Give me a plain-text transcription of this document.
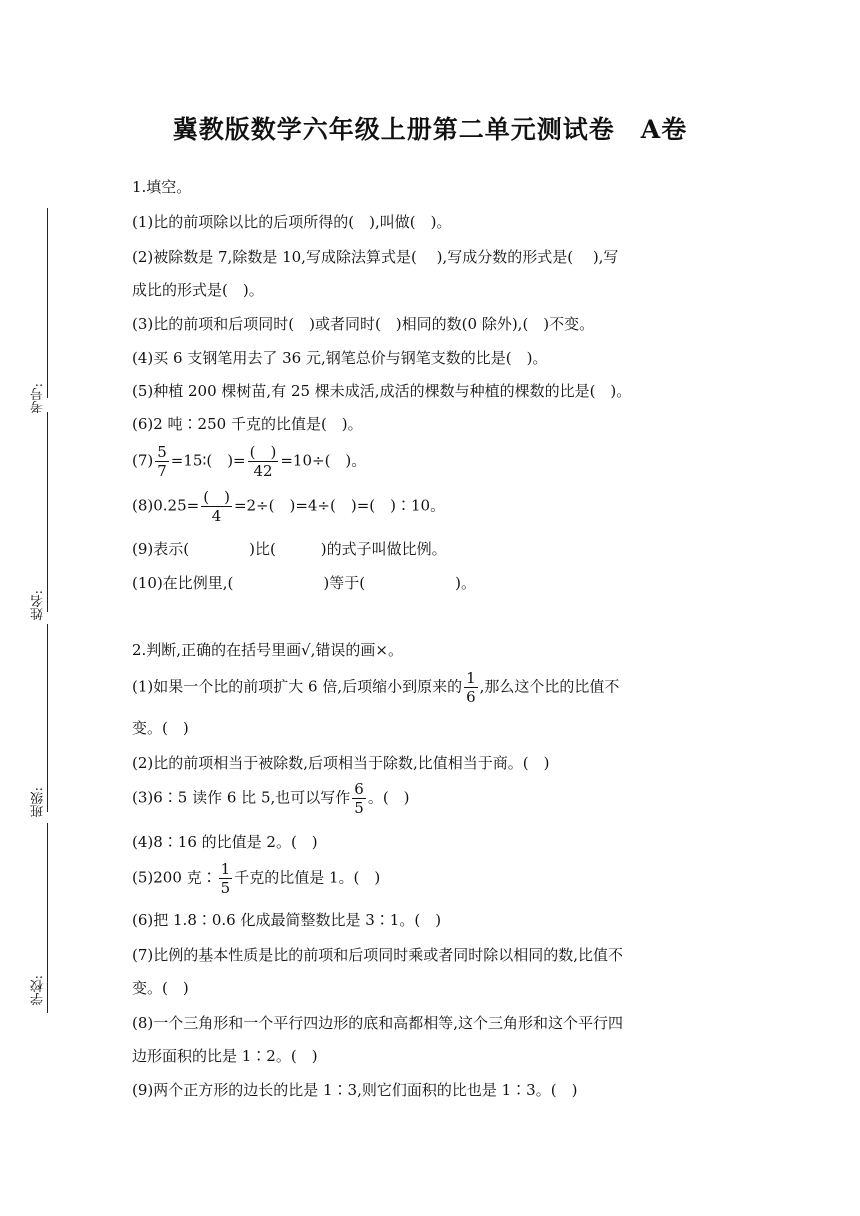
考号:
姓名:
班级:
学校:
冀教版数学六年级上册第二单元测试卷　A卷
1.填空。
(1)比的前项除以比的后项所得的(　),叫做(　)。
(2)被除数是 7,除数是 10,写成除法算式是(　 ),写成分数的形式是(　 ),写
成比的形式是(　)。
(3)比的前项和后项同时(　)或者同时(　)相同的数(0 除外),(　)不变。
(4)买 6 支钢笔用去了 36 元,钢笔总价与钢笔支数的比是(　)。
(5)种植 200 棵树苗,有 25 棵未成活,成活的棵数与种植的棵数的比是(　)。
(6)2 吨∶250 千克的比值是(　)。
$(7) \frac{5}{7}$ =15∶(　)= $\frac{( )}{42} =10\div$(　)。
$(8)0.25= \frac{( )}{4} =2\div$(　)=4÷(　)=(　)∶10。
(9)表示(　　　　)比(　　　)的式子叫做比例。
(10)在比例里,(　　　　　　)等于(　　　　　　)。
2.判断,正确的在括号里画√,错误的画×。
(1)如果一个比的前项扩大 6 倍,后项缩小到原来的 $\frac{1}{6}$ ,那么这个比的比值不
变。(　)
(2)比的前项相当于被除数,后项相当于除数,比值相当于商。(　)
(3)6∶5 读作 6 比 5,也可以写作 $\frac{6}{5}$ 。(　)
(4)8∶16 的比值是 2。(　)
(5)200 克∶ $\frac{1}{5}$ 千克的比值是 1。(　)
(6)把 1.8∶0.6 化成最简整数比是 3∶1。(　)
(7)比例的基本性质是比的前项和后项同时乘或者同时除以相同的数,比值不
变。(　)
(8)一个三角形和一个平行四边形的底和高都相等,这个三角形和这个平行四
边形面积的比是 1∶2。(　)
(9)两个正方形的边长的比是 1∶3,则它们面积的比也是 1∶3。(　)
